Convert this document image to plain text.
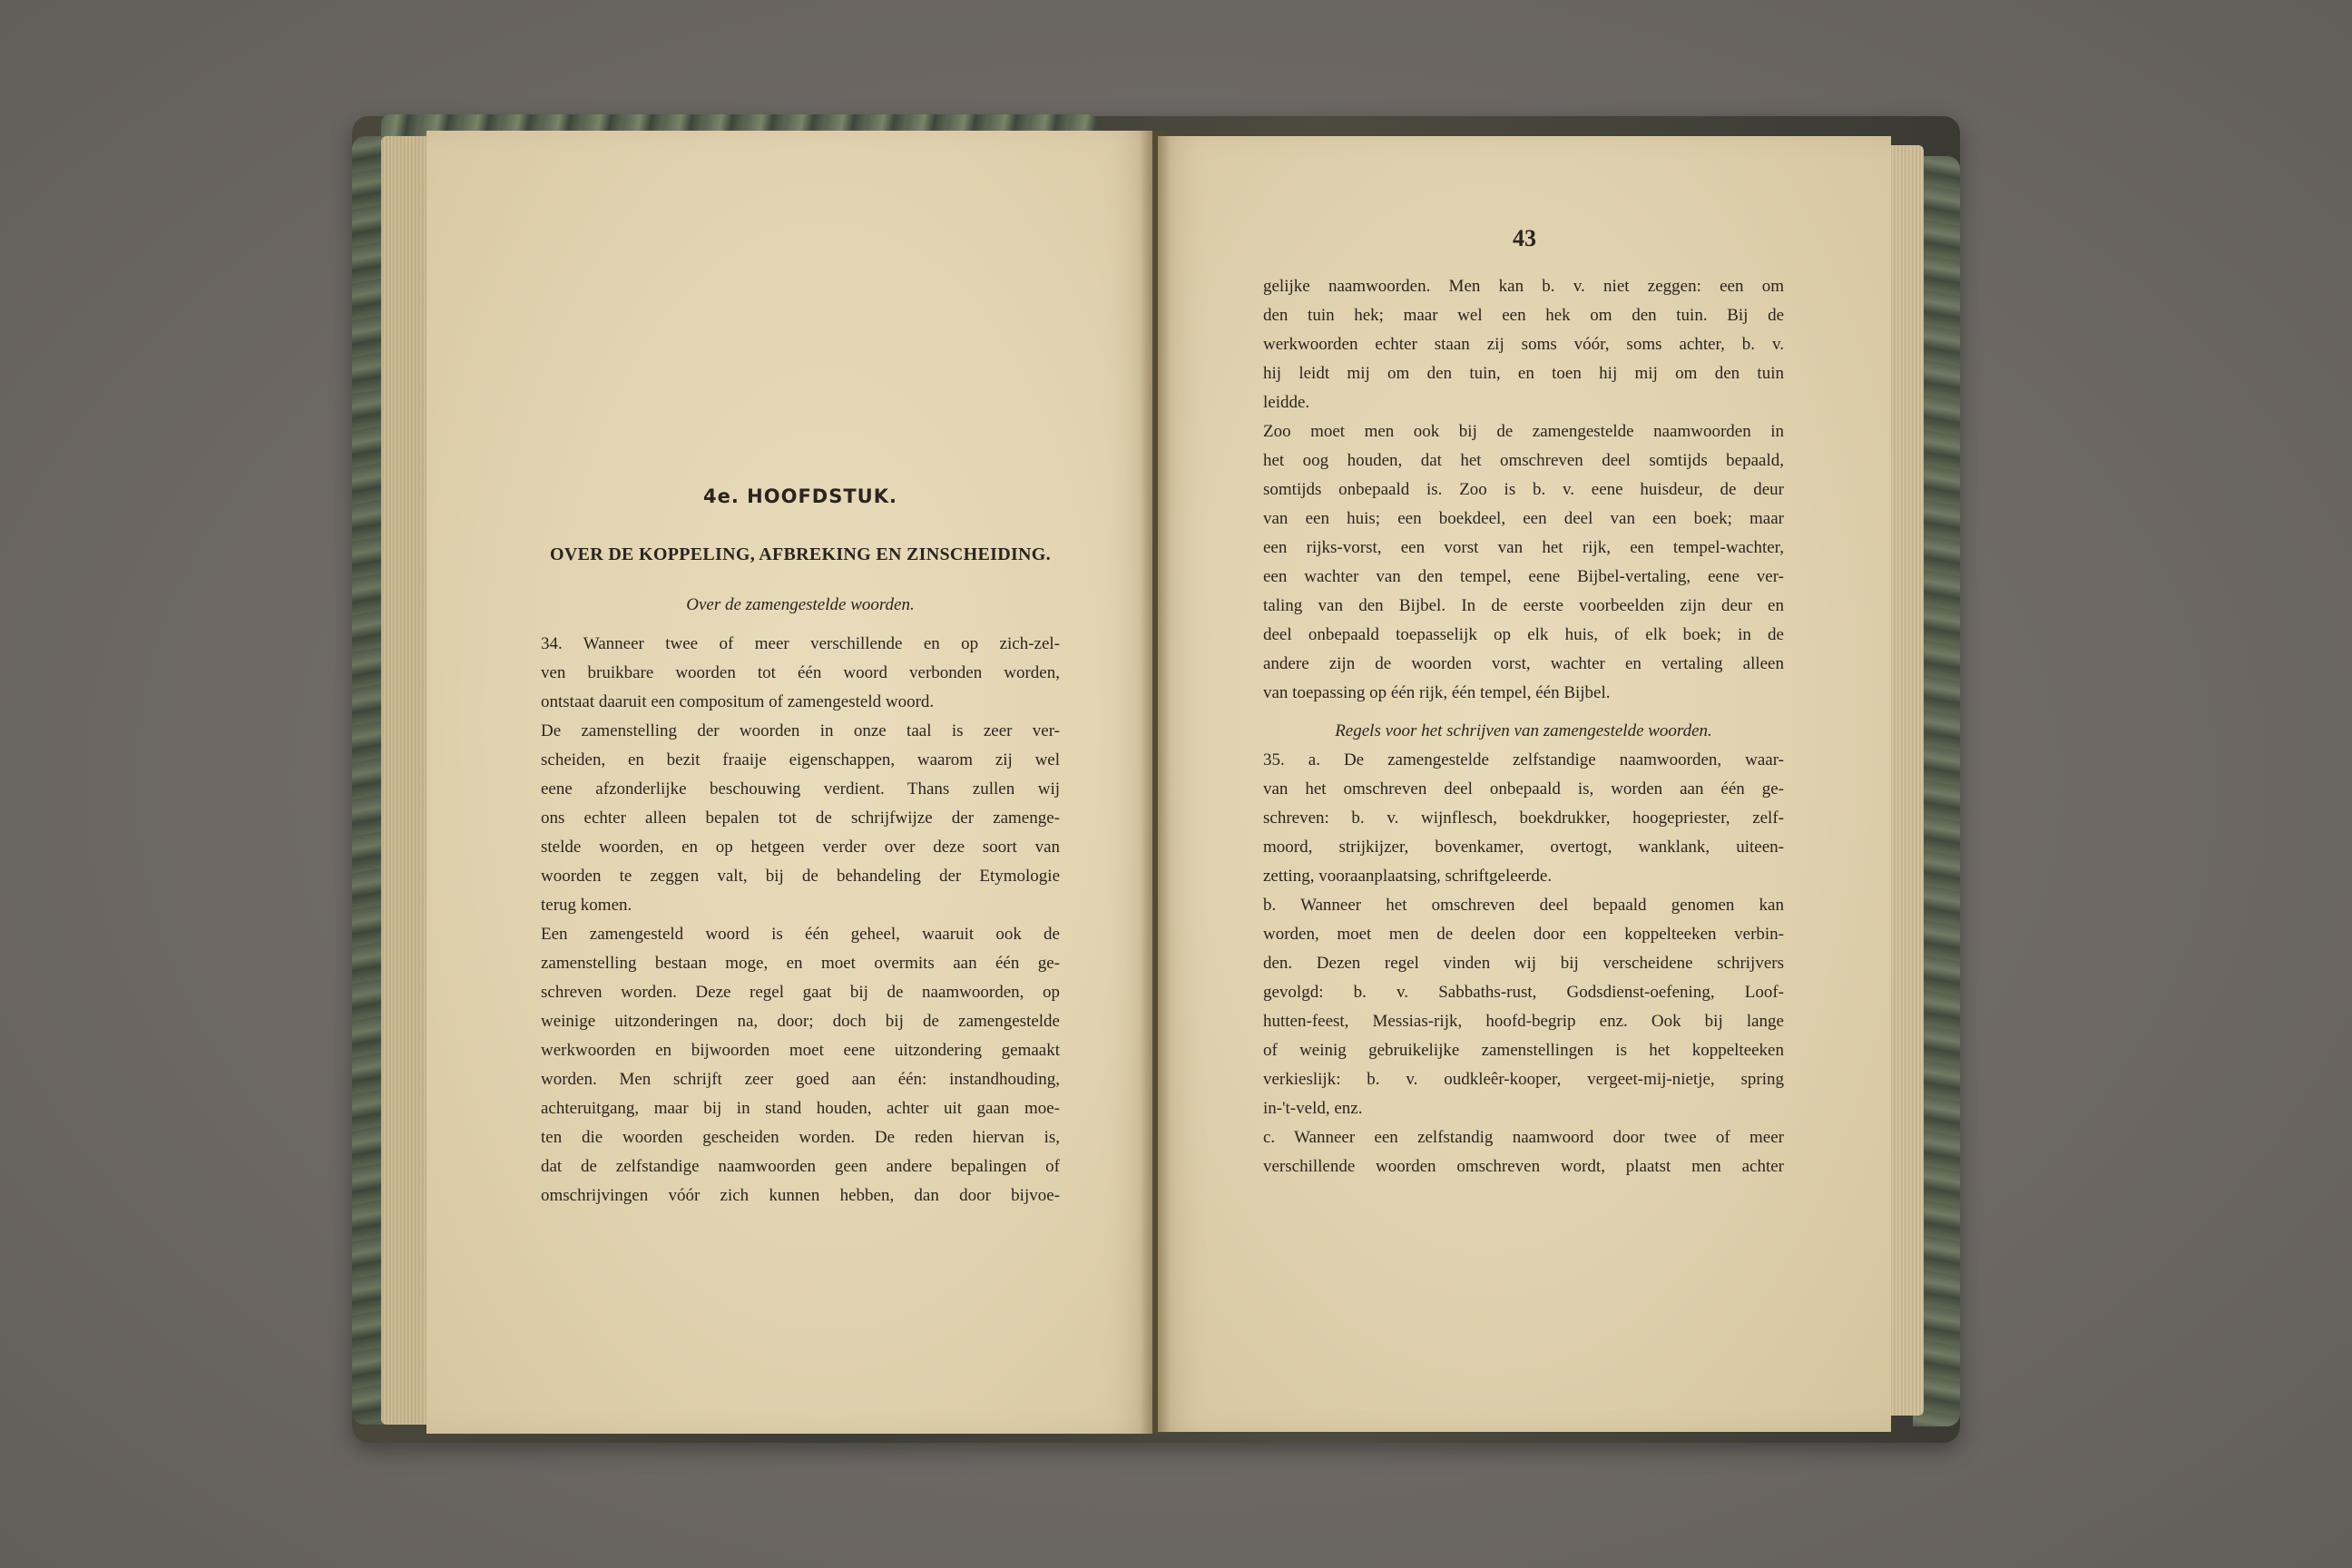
4e. HOOFDSTUK.
OVER DE KOPPELING, AFBREKING EN ZINSCHEIDING.
Over de zamengestelde woorden.
34. Wanneer twee of meer verschillende en op zich-zel-
ven bruikbare woorden tot één woord verbonden worden,
ontstaat daaruit een compositum of zamengesteld woord.
De zamenstelling der woorden in onze taal is zeer ver-
scheiden, en bezit fraaije eigenschappen, waarom zij wel
eene afzonderlijke beschouwing verdient. Thans zullen wij
ons echter alleen bepalen tot de schrijfwijze der zamenge-
stelde woorden, en op hetgeen verder over deze soort van
woorden te zeggen valt, bij de behandeling der Etymologie
terug komen.
Een zamengesteld woord is één geheel, waaruit ook de
zamenstelling bestaan moge, en moet overmits aan één ge-
schreven worden. Deze regel gaat bij de naamwoorden, op
weinige uitzonderingen na, door; doch bij de zamengestelde
werkwoorden en bijwoorden moet eene uitzondering gemaakt
worden. Men schrijft zeer goed aan één: instandhouding,
achteruitgang, maar bij in stand houden, achter uit gaan moe-
ten die woorden gescheiden worden. De reden hiervan is,
dat de zelfstandige naamwoorden geen andere bepalingen of
omschrijvingen vóór zich kunnen hebben, dan door bijvoe-
43
gelijke naamwoorden. Men kan b. v. niet zeggen: een om
den tuin hek; maar wel een hek om den tuin. Bij de
werkwoorden echter staan zij soms vóór, soms achter, b. v.
hij leidt mij om den tuin, en toen hij mij om den tuin
leidde.
Zoo moet men ook bij de zamengestelde naamwoorden in
het oog houden, dat het omschreven deel somtijds bepaald,
somtijds onbepaald is. Zoo is b. v. eene huisdeur, de deur
van een huis; een boekdeel, een deel van een boek; maar
een rijks-vorst, een vorst van het rijk, een tempel-wachter,
een wachter van den tempel, eene Bijbel-vertaling, eene ver-
taling van den Bijbel. In de eerste voorbeelden zijn deur en
deel onbepaald toepasselijk op elk huis, of elk boek; in de
andere zijn de woorden vorst, wachter en vertaling alleen
van toepassing op één rijk, één tempel, één Bijbel.
Regels voor het schrijven van zamengestelde woorden.
35. a. De zamengestelde zelfstandige naamwoorden, waar-
van het omschreven deel onbepaald is, worden aan één ge-
schreven: b. v. wijnflesch, boekdrukker, hoogepriester, zelf-
moord, strijkijzer, bovenkamer, overtogt, wanklank, uiteen-
zetting, vooraanplaatsing, schriftgeleerde.
b. Wanneer het omschreven deel bepaald genomen kan
worden, moet men de deelen door een koppelteeken verbin-
den. Dezen regel vinden wij bij verscheidene schrijvers
gevolgd: b. v. Sabbaths-rust, Godsdienst-oefening, Loof-
hutten-feest, Messias-rijk, hoofd-begrip enz. Ook bij lange
of weinig gebruikelijke zamenstellingen is het koppelteeken
verkieslijk: b. v. oudkleêr-kooper, vergeet-mij-nietje, spring
in-'t-veld, enz.
c. Wanneer een zelfstandig naamwoord door twee of meer
verschillende woorden omschreven wordt, plaatst men achter
